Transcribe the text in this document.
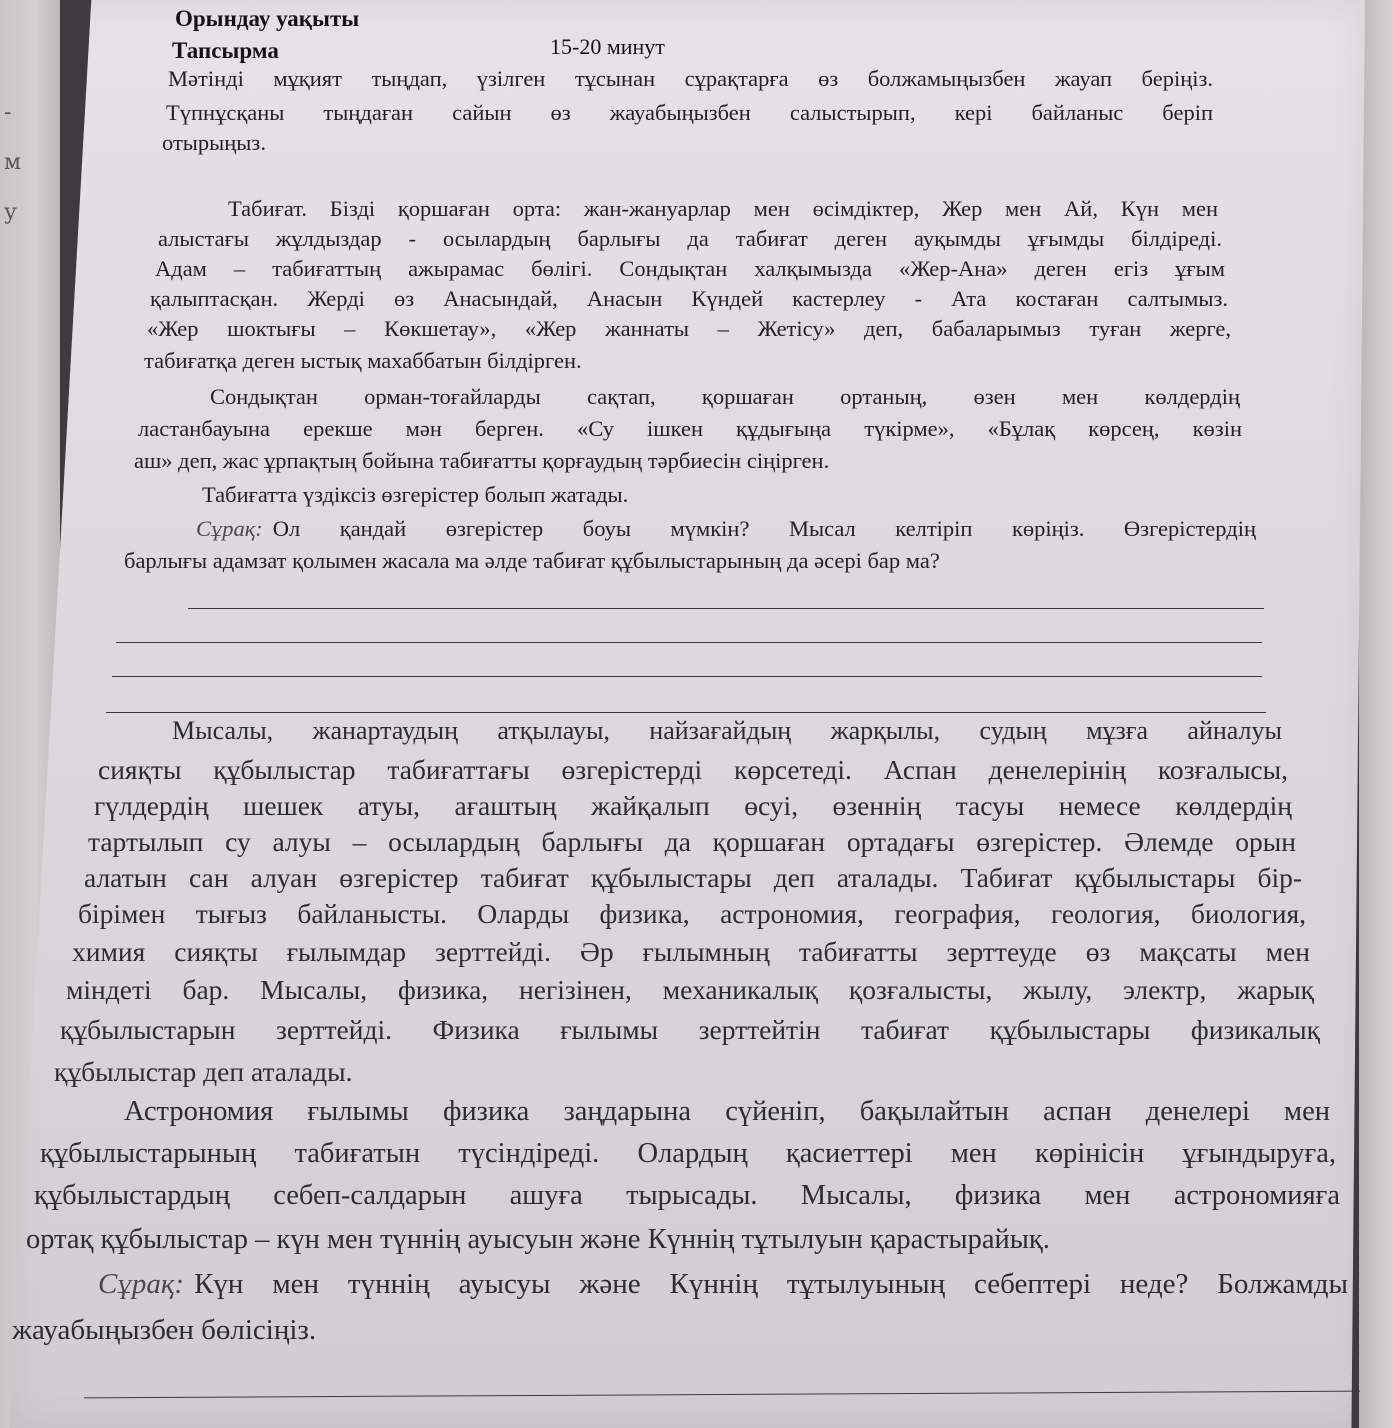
-
м
у
Орындау уақыты
Тапсырма	15-20 минут
Мәтінді мұқият тыңдап, үзілген тұсынан сұрақтарға өз болжамыңызбен жауап беріңіз.
Түпнұсқаны тыңдаған сайын өз жауабыңызбен салыстырып, кері байланыс беріп
отырыңыз.
Табиғат. Бізді қоршаған орта: жан-жануарлар мен өсімдіктер, Жер мен Ай, Күн мен
алыстағы жұлдыздар - осылардың барлығы да табиғат деген ауқымды ұғымды білдіреді.
Адам – табиғаттың ажырамас бөлігі. Сондықтан халқымызда «Жер-Ана» деген егіз ұғым
қалыптасқан. Жерді өз Анасындай, Анасын Күндей кастерлеу - Ата костаған салтымыз.
«Жер шоктығы – Көкшетау», «Жер жаннаты – Жетісу» деп, бабаларымыз туған жерге,
табиғатқа деген ыстық махаббатын білдірген.
Сондықтан орман-тоғайларды сақтап, қоршаған ортаның, өзен мен көлдердің
ластанбауына ерекше мән берген. «Су ішкен құдығыңа түкірме», «Бұлақ көрсең, көзін
аш» деп, жас ұрпақтың бойына табиғатты қорғаудың тәрбиесін сіңірген.
Табиғатта үздіксіз өзгерістер болып жатады.
Сұрақ: Ол қандай өзгерістер боуы мүмкін? Мысал келтіріп көріңіз. Өзгерістердің
барлығы адамзат қолымен жасала ма әлде табиғат құбылыстарының да әсері бар ма?
Мысалы, жанартаудың атқылауы, найзағайдың жарқылы, судың мұзға айналуы
сияқты құбылыстар табиғаттағы өзгерістерді көрсетеді. Аспан денелерінің козғалысы,
гүлдердің шешек атуы, ағаштың жайқалып өсуі, өзеннің тасуы немесе көлдердің
тартылып су алуы – осылардың барлығы да қоршаған ортадағы өзгерістер. Әлемде орын
алатын сан алуан өзгерістер табиғат құбылыстары деп аталады. Табиғат құбылыстары бір-
бірімен тығыз байланысты. Оларды физика, астрономия, география, геология, биология,
химия сияқты ғылымдар зерттейді. Әр ғылымның табиғатты зерттеуде өз мақсаты мен
міндеті бар. Мысалы, физика, негізінен, механикалық қозғалысты, жылу, электр, жарық
құбылыстарын зерттейді. Физика ғылымы зерттейтін табиғат құбылыстары физикалық
құбылыстар деп аталады.
Астрономия ғылымы физика заңдарына сүйеніп, бақылайтын аспан денелері мен
құбылыстарының табиғатын түсіндіреді. Олардың қасиеттері мен көрінісін ұғындыруға,
құбылыстардың себеп-салдарын ашуға тырысады. Мысалы, физика мен астрономияға
ортақ құбылыстар – күн мен түннің ауысуын және Күннің тұтылуын қарастырайық.
Сұрақ: Күн мен түннің ауысуы және Күннің тұтылуының себептері неде? Болжамды
жауабыңызбен бөлісіңіз.
